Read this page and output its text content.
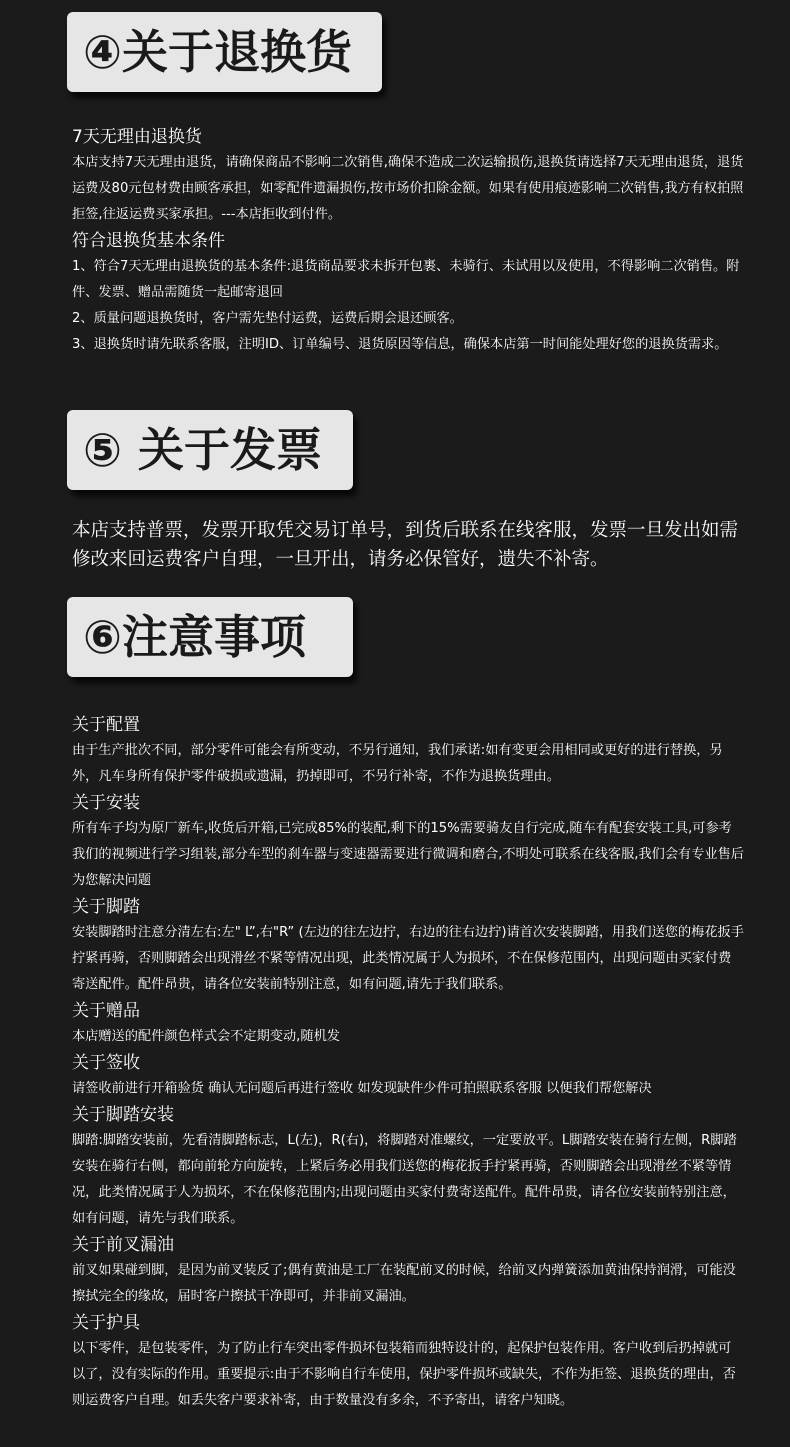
④关于退换货

7天无理由退换货

本店支持7天无理由退货，请确保商品不影响二次销售,确保不造成二次运输损伤,退换货请选择7天无理由退货，退货运费及80元包材费由顾客承担，如零配件遗漏损伤,按市场价扣除金额。如果有使用痕迹影响二次销售,我方有权拍照拒签,往返运费买家承担。---本店拒收到付件。

符合退换货基本条件

1、符合7天无理由退换货的基本条件:退货商品要求未拆开包裹、未骑行、未试用以及使用，不得影响二次销售。附件、发票、赠品需随货一起邮寄退回
2、质量问题退换货时，客户需先垫付运费，运费后期会退还顾客。
3、退换货时请先联系客服，注明ID、订单编号、退货原因等信息，确保本店第一时间能处理好您的退换货需求。

⑤ 关于发票

本店支持普票，发票开取凭交易订单号，到货后联系在线客服，发票一旦发出如需修改来回运费客户自理，一旦开出，请务必保管好，遗失不补寄。

⑥注意事项

关于配置

由于生产批次不同，部分零件可能会有所变动，不另行通知，我们承诺:如有变更会用相同或更好的进行替换，另外，凡车身所有保护零件破损或遗漏，扔掉即可，不另行补寄，不作为退换货理由。

关于安装

所有车子均为原厂新车,收货后开箱,已完成85%的装配,剩下的15%需要骑友自行完成,随车有配套安装工具,可参考我们的视频进行学习组装,部分车型的刹车器与变速器需要进行微调和磨合,不明处可联系在线客服,我们会有专业售后为您解决问题

关于脚踏

安装脚踏时注意分清左右:左" L”,右"R” (左边的往左边拧，右边的往右边拧)请首次安装脚踏，用我们送您的梅花扳手拧紧再骑，否则脚踏会出现滑丝不紧等情况出现，此类情况属于人为损坏，不在保修范围内，出现问题由买家付费寄送配件。配件昂贵，请各位安装前特别注意，如有问题,请先于我们联系。

关于赠品

本店赠送的配件颜色样式会不定期变动,随机发

关于签收

请签收前进行开箱验货 确认无问题后再进行签收 如发现缺件少件可拍照联系客服 以便我们帮您解决

关于脚踏安装

脚踏:脚踏安装前，先看清脚踏标志，L(左)，R(右)，将脚踏对准螺纹，一定要放平。L脚踏安装在骑行左侧，R脚踏安装在骑行右侧，都向前轮方向旋转，上紧后务必用我们送您的梅花扳手拧紧再骑，否则脚踏会出现滑丝不紧等情况，此类情况属于人为损坏，不在保修范围内;出现问题由买家付费寄送配件。配件昂贵，请各位安装前特别注意，如有问题，请先与我们联系。

关于前叉漏油

前叉如果碰到脚，是因为前叉装反了;偶有黄油是工厂在装配前叉的时候，给前叉内弹簧添加黄油保持润滑，可能没擦拭完全的缘故，届时客户擦拭干净即可，并非前叉漏油。

关于护具

以下零件，是包装零件，为了防止行车突出零件损坏包装箱而独特设计的，起保护包装作用。客户收到后扔掉就可以了，没有实际的作用。重要提示:由于不影响自行车使用，保护零件损坏或缺失，不作为拒签、退换货的理由，否则运费客户自理。如丢失客户要求补寄，由于数量没有多余，不予寄出，请客户知晓。
